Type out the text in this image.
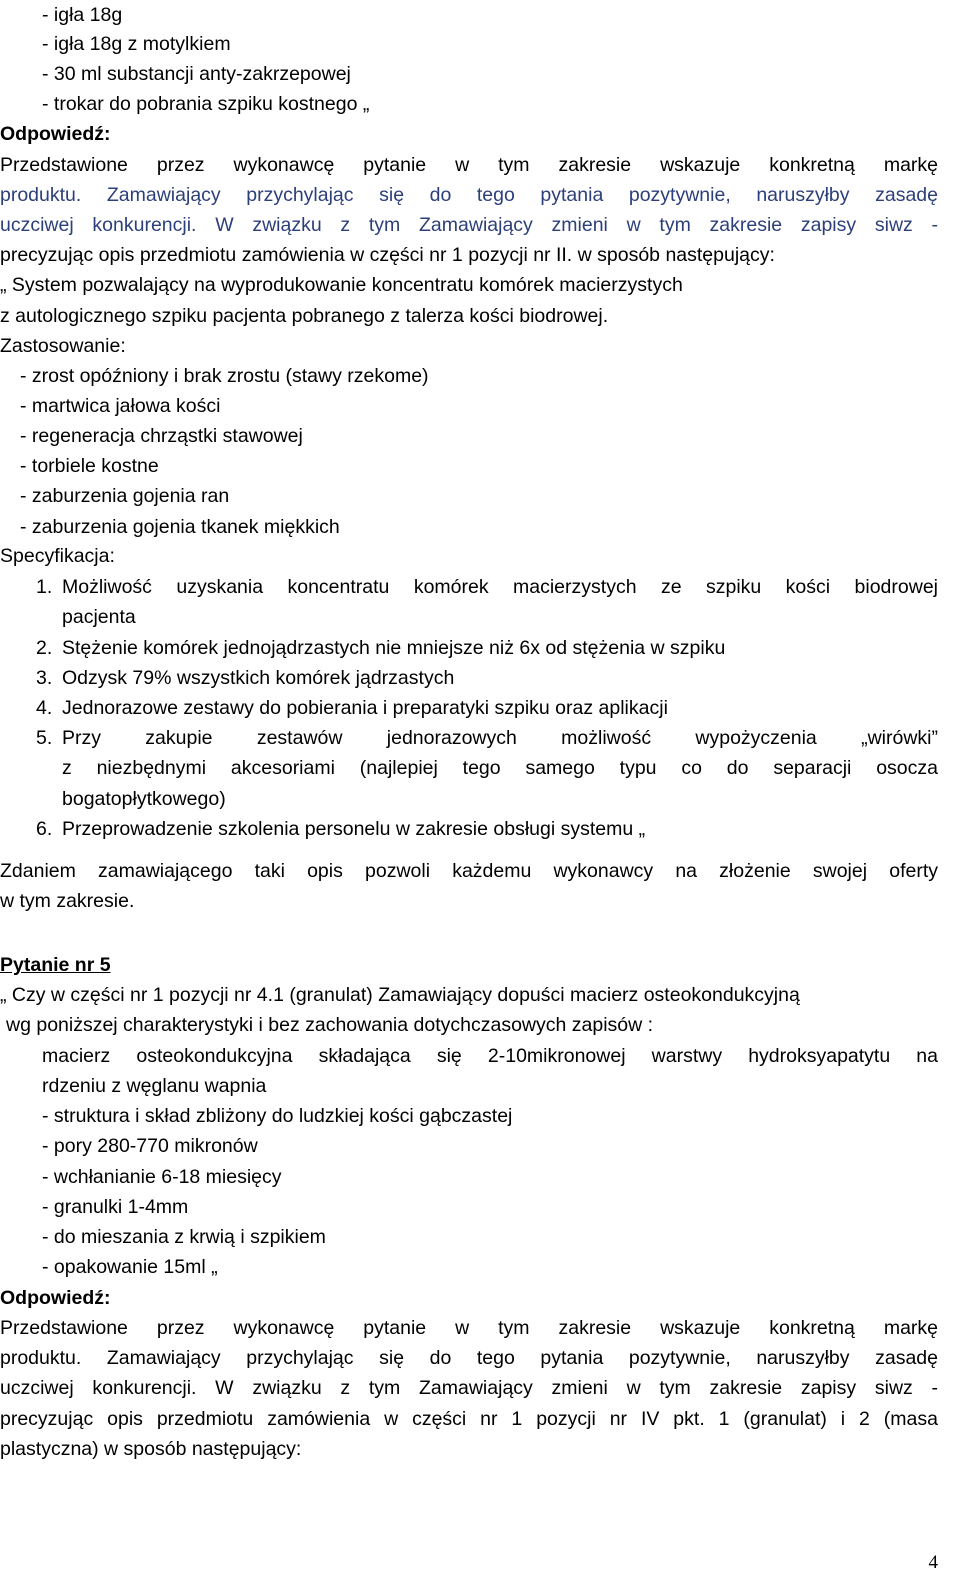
- igła 18g
- igła 18g z motylkiem
- 30 ml substancji anty-zakrzepowej
- trokar do pobrania szpiku kostnego „
Odpowiedź:
Przedstawione przez wykonawcę pytanie w tym zakresie wskazuje konkretną markę
produktu. Zamawiający przychylając się do tego pytania pozytywnie, naruszyłby zasadę
uczciwej konkurencji. W związku z tym Zamawiający zmieni w tym zakresie zapisy siwz -
precyzując opis przedmiotu zamówienia w części nr 1 pozycji nr II. w sposób następujący:
„ System pozwalający na wyprodukowanie koncentratu komórek macierzystych
z autologicznego szpiku pacjenta pobranego z talerza kości biodrowej.
Zastosowanie:
- zrost opóźniony i brak zrostu (stawy rzekome)
- martwica jałowa kości
- regeneracja chrząstki stawowej
- torbiele kostne
- zaburzenia gojenia ran
- zaburzenia gojenia tkanek miękkich
Specyfikacja:
1. Możliwość uzyskania koncentratu komórek macierzystych ze szpiku kości biodrowej
pacjenta
2. Stężenie komórek jednojądrzastych nie mniejsze niż 6x od stężenia w szpiku
3. Odzysk 79% wszystkich komórek jądrzastych
4. Jednorazowe zestawy do pobierania i preparatyki szpiku oraz aplikacji
5. Przy zakupie zestawów jednorazowych możliwość wypożyczenia „wirówki”
z niezbędnymi akcesoriami (najlepiej tego samego typu co do separacji osocza
bogatopłytkowego)
6. Przeprowadzenie szkolenia personelu w zakresie obsługi systemu „
Zdaniem zamawiającego taki opis pozwoli każdemu wykonawcy na złożenie swojej oferty
w tym zakresie.
Pytanie nr 5
„ Czy w części nr 1 pozycji nr 4.1 (granulat) Zamawiający dopuści macierz osteokondukcyjną
wg poniższej charakterystyki i bez zachowania dotychczasowych zapisów :
macierz osteokondukcyjna składająca się 2-10mikronowej warstwy hydroksyapatytu na
rdzeniu z węglanu wapnia
- struktura i skład zbliżony do ludzkiej kości gąbczastej
- pory 280-770 mikronów
- wchłanianie 6-18 miesięcy
- granulki 1-4mm
- do mieszania z krwią i szpikiem
- opakowanie 15ml „
Odpowiedź:
Przedstawione przez wykonawcę pytanie w tym zakresie wskazuje konkretną markę
produktu. Zamawiający przychylając się do tego pytania pozytywnie, naruszyłby zasadę
uczciwej konkurencji. W związku z tym Zamawiający zmieni w tym zakresie zapisy siwz -
precyzując opis przedmiotu zamówienia w części nr 1 pozycji nr IV pkt. 1 (granulat) i 2 (masa
plastyczna) w sposób następujący:
4
